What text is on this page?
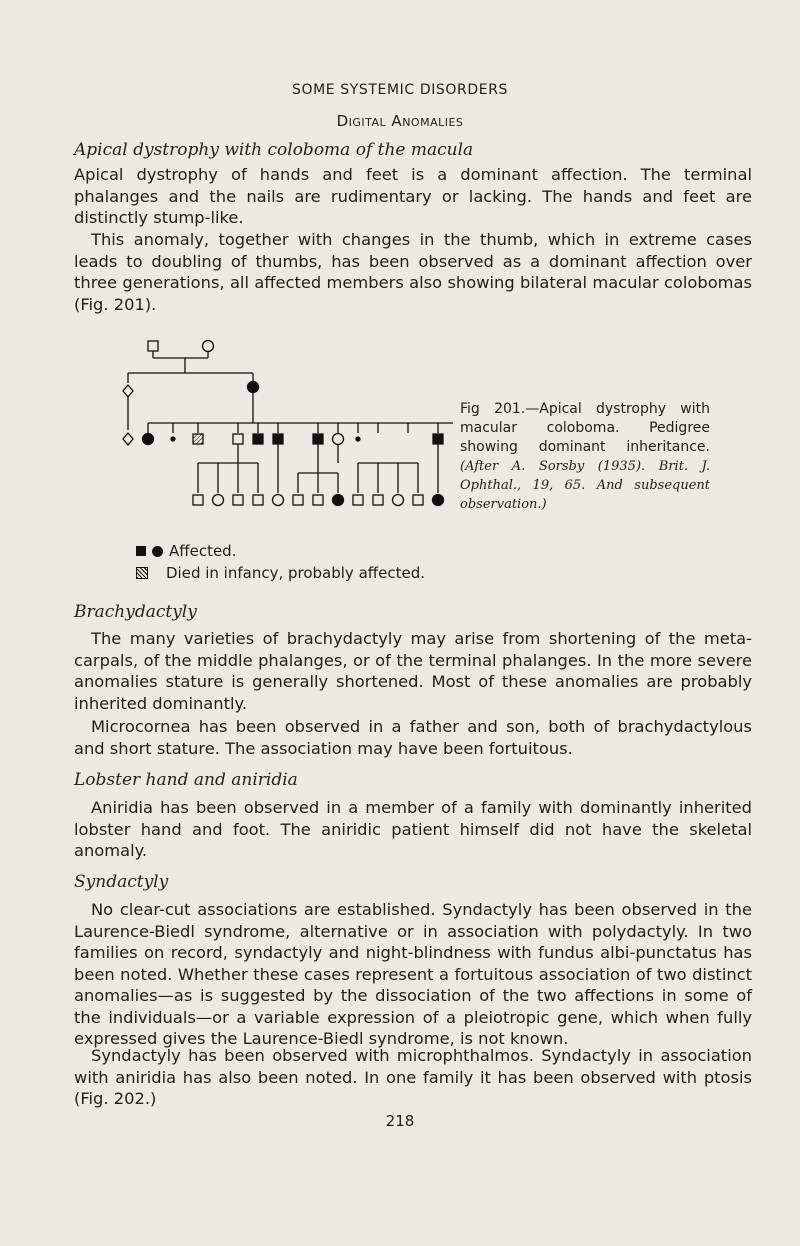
SOME SYSTEMIC DISORDERS
Digital Anomalies
Apical dystrophy with coloboma of the macula

Apical dystrophy of hands and feet is a dominant affection. The terminal phalanges and the nails are rudimentary or lacking. The hands and feet are distinctly stump-like.

This anomaly, together with changes in the thumb, which in extreme cases leads to doubling of thumbs, has been observed as a dominant affection over three generations, all affected members also showing bilateral macular colobomas (Fig. 201).

Fig 201.—Apical dystrophy with macular coloboma. Pedigree showing dominant inheritance. (After A. Sorsby (1935). Brit. J. Ophthal., 19, 65. And subsequent observation.)
Affected.
Died in infancy, probably affected.
Brachydactyly

The many varieties of brachydactyly may arise from shortening of the meta-carpals, of the middle phalanges, or of the terminal phalanges. In the more severe anomalies stature is generally shortened. Most of these anomalies are probably inherited dominantly.

Microcornea has been observed in a father and son, both of brachydactylous and short stature. The association may have been fortuitous.

Lobster hand and aniridia

Aniridia has been observed in a member of a family with dominantly inherited lobster hand and foot. The aniridic patient himself did not have the skeletal anomaly.

Syndactyly

No clear-cut associations are established. Syndactyly has been observed in the Laurence-Biedl syndrome, alternative or in association with polydactyly. In two families on record, syndactyly and night-blindness with fundus albi-punctatus has been noted. Whether these cases represent a fortuitous association of two distinct anomalies—as is suggested by the dissociation of the two affections in some of the individuals—or a variable expression of a pleiotropic gene, which when fully expressed gives the Laurence-Biedl syndrome, is not known.

Syndactyly has been observed with microphthalmos. Syndactyly in association with aniridia has also been noted. In one family it has been observed with ptosis (Fig. 202.)

218
